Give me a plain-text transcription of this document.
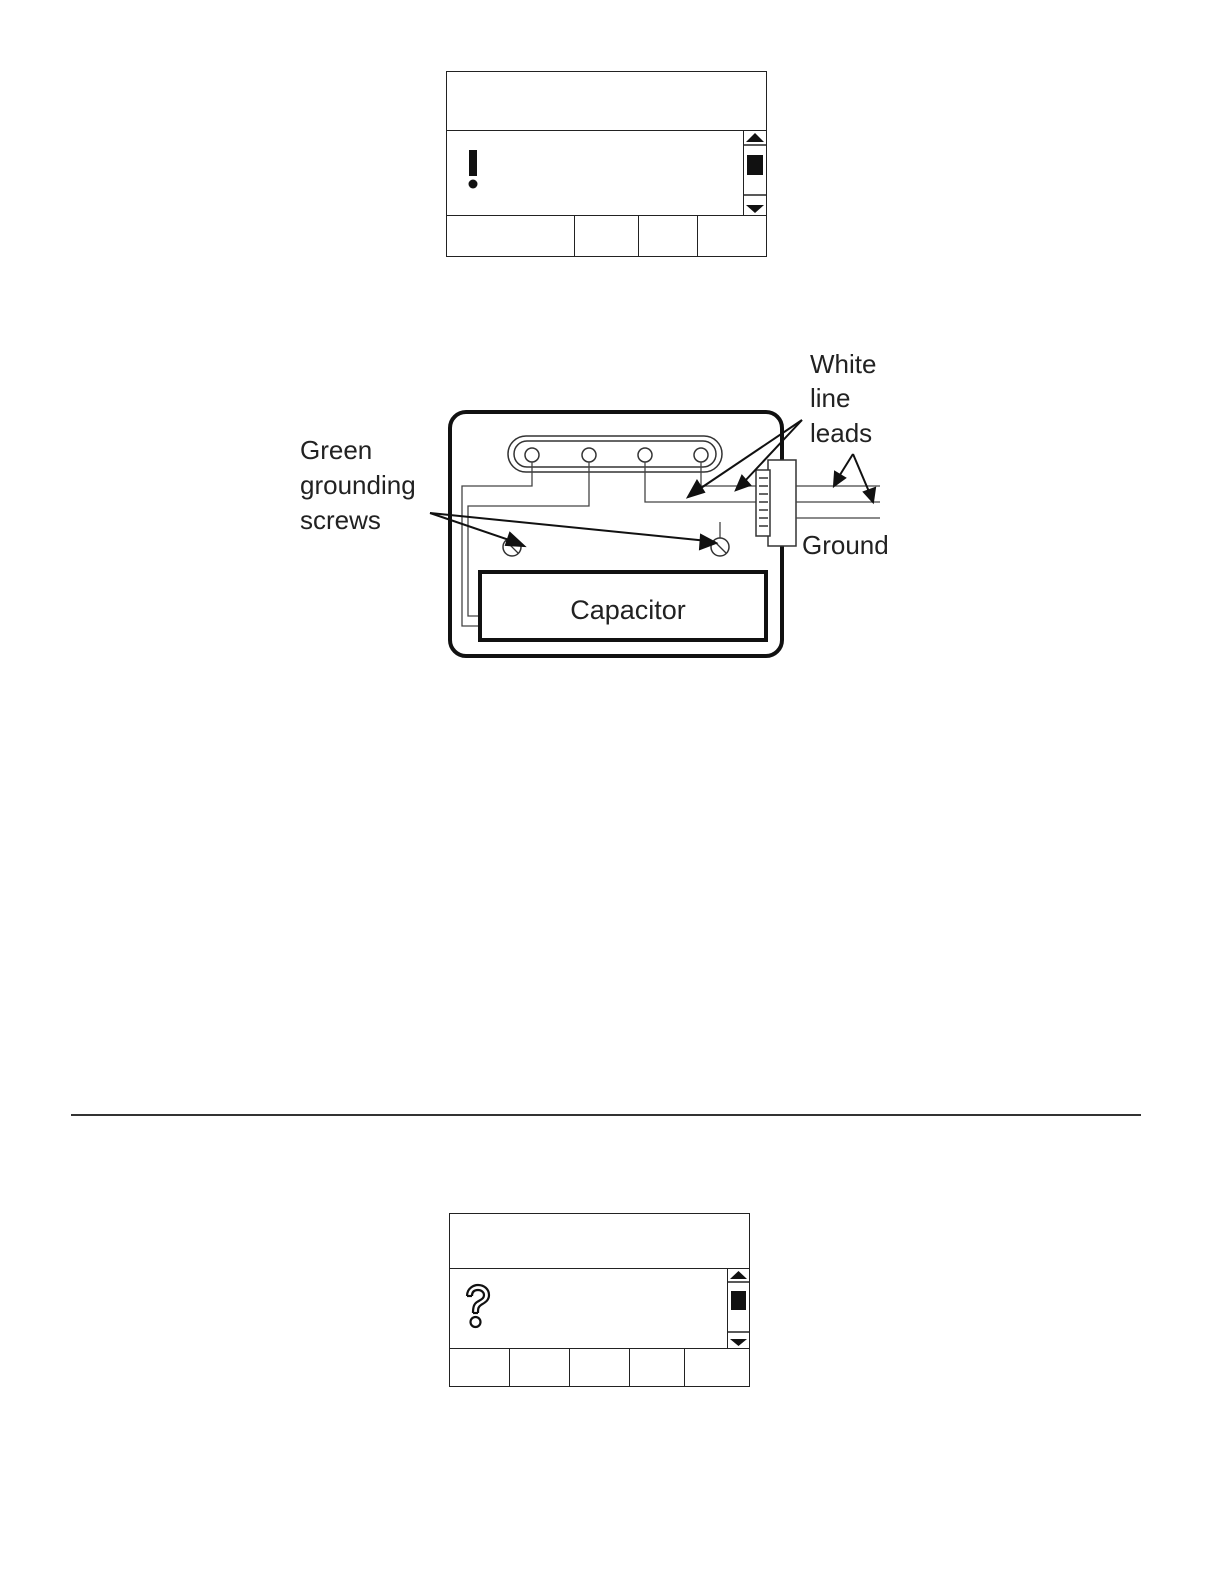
Capacitor
Green
grounding
screws
White
line
leads
Ground
